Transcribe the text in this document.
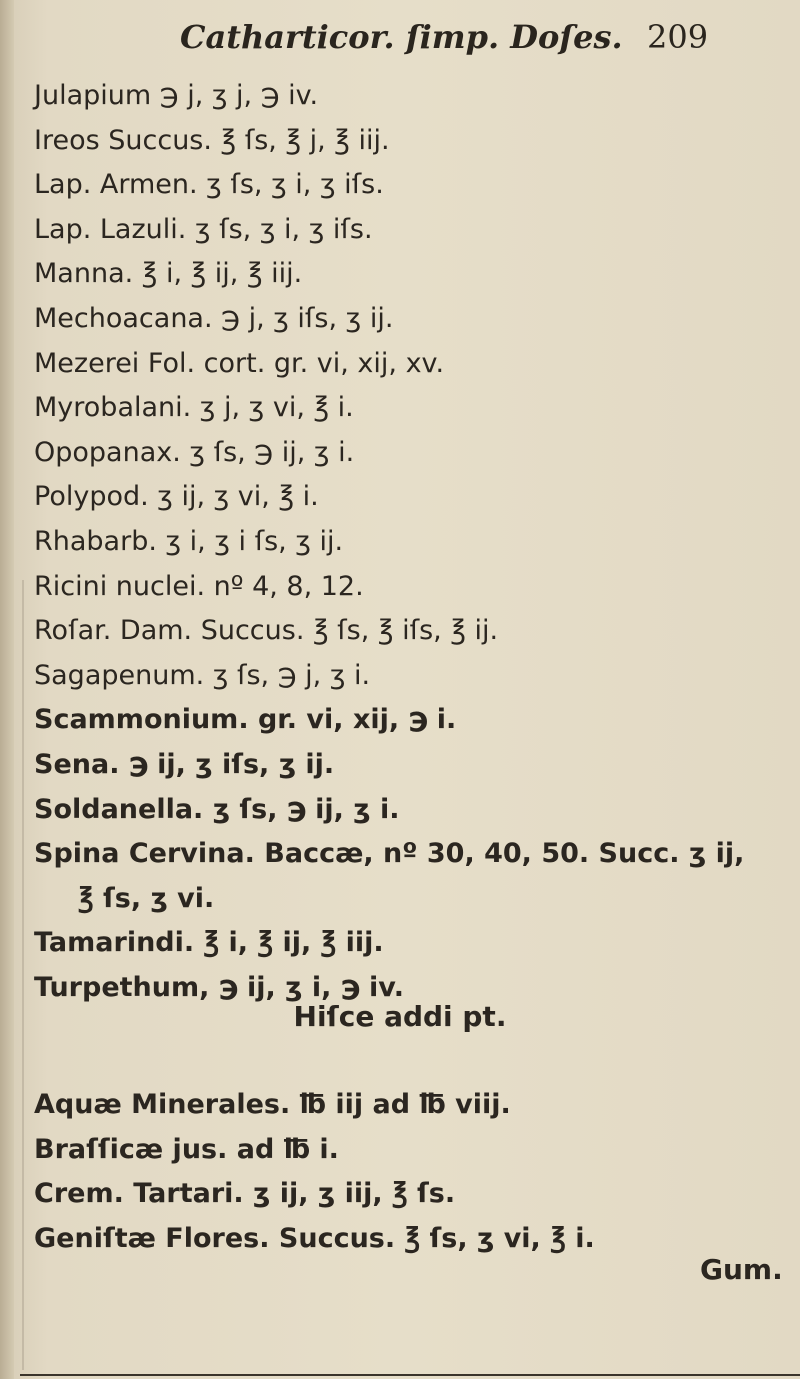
Catharticor. ſimp. Doſes. 209
Julapium ℈ j, ʒ j, ℈ iv.
Ireos Succus. ℥ ſs, ℥ j, ℥ iij.
Lap. Armen. ʒ ſs, ʒ i, ʒ iſs.
Lap. Lazuli. ʒ ſs, ʒ i, ʒ iſs.
Manna. ℥ i, ℥ ij, ℥ iij.
Mechoacana. ℈ j, ʒ iſs, ʒ ij.
Mezerei Fol. cort. gr. vi, xij, xv.
Myrobalani. ʒ j, ʒ vi, ℥ i.
Opopanax. ʒ ſs, ℈ ij, ʒ i.
Polypod. ʒ ij, ʒ vi, ℥ i.
Rhabarb. ʒ i, ʒ i ſs, ʒ ij.
Ricini nuclei. nº 4, 8, 12.
Roſar. Dam. Succus. ℥ ſs, ℥ iſs, ℥ ij.
Sagapenum. ʒ ſs, ℈ j, ʒ i.
Scammonium. gr. vi, xij, ℈ i.
Sena. ℈ ij, ʒ iſs, ʒ ij.
Soldanella. ʒ ſs, ℈ ij, ʒ i.
Spina Cervina. Baccæ, nº 30, 40, 50. Succ. ʒ ij,
℥ ſs, ʒ vi.
Tamarindi. ℥ i, ℥ ij, ℥ iij.
Turpethum, ℈ ij, ʒ i, ℈ iv.
Hiſce addi pt.
Aquæ Minerales. ℔ iij ad ℔ viij.
Braſſicæ jus. ad ℔ i.
Crem. Tartari. ʒ ij, ʒ iij, ℥ ſs.
Geniſtæ Flores. Succus. ℥ ſs, ʒ vi, ℥ i.
Gum.
